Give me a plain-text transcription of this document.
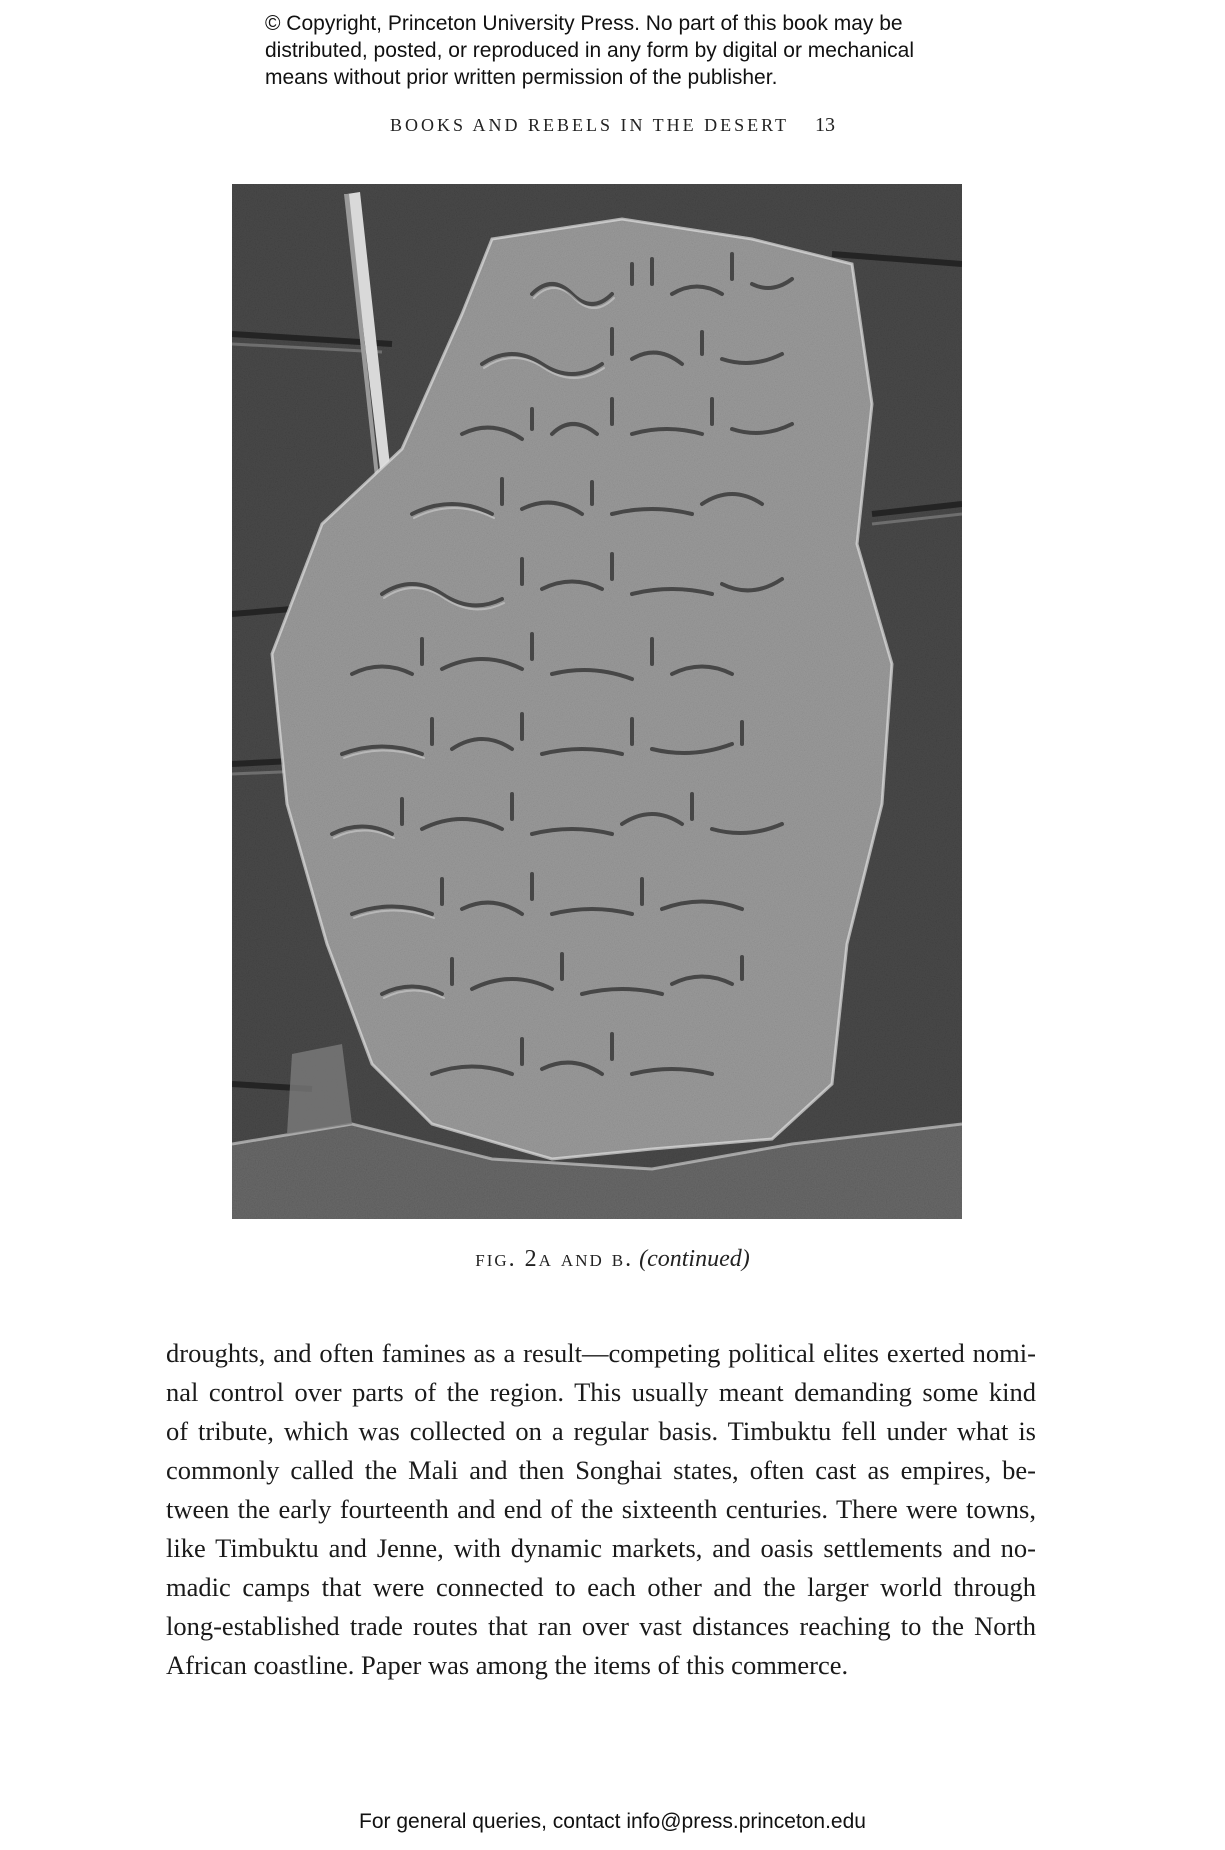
© Copyright, Princeton University Press. No part of this book may be
distributed, posted, or reproduced in any form by digital or mechanical
means without prior written permission of the publisher.
BOOKS AND REBELS IN THE DESERT 13
fig. 2a and b. (continued)
droughts, and often famines as a result—competing political elites exerted nomi-
nal control over parts of the region. This usually meant demanding some kind
of tribute, which was collected on a regular basis. Timbuktu fell under what is
commonly called the Mali and then Songhai states, often cast as empires, be-
tween the early fourteenth and end of the sixteenth centuries. There were towns,
like Timbuktu and Jenne, with dynamic markets, and oasis settlements and no-
madic camps that were connected to each other and the larger world through
long-established trade routes that ran over vast distances reaching to the North
African coastline. Paper was among the items of this commerce.
For general queries, contact info@press.princeton.edu
